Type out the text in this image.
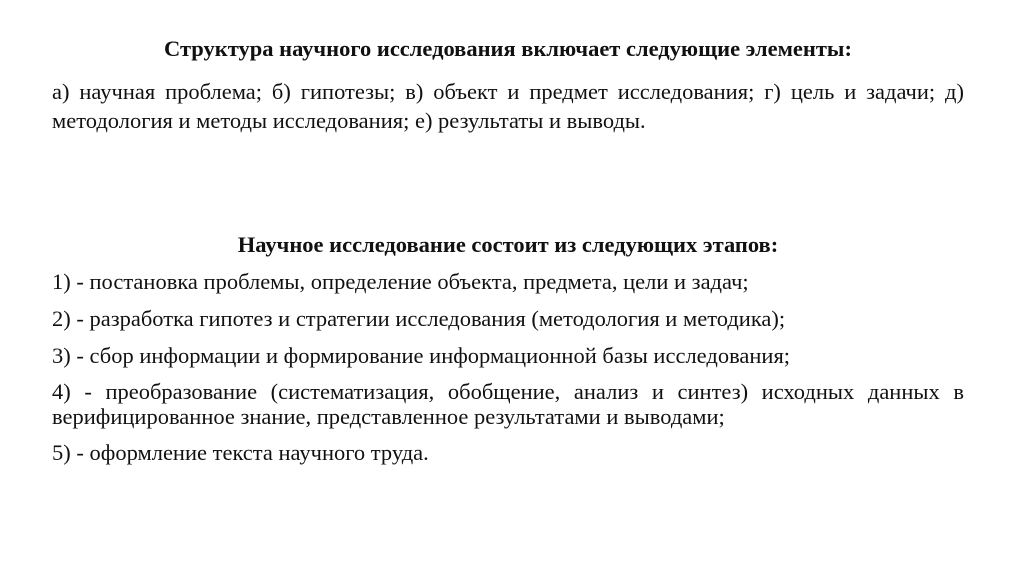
Структура научного исследования включает следующие элементы:

а) научная проблема; б) гипотезы; в) объект и предмет исследования; г) цель и задачи; д) методология и методы исследования; е) результаты и выводы.

Научное исследование состоит из следующих этапов:
1) - постановка проблемы, определение объекта, предмета, цели и задач;
2) - разработка гипотез и стратегии исследования (методология и методика);
3) - сбор информации и формирование информационной базы исследования;
4) - преобразование (систематизация, обобщение, анализ и синтез) исходных данных в верифицированное знание, представленное результатами и выводами;
5) - оформление текста научного труда.
